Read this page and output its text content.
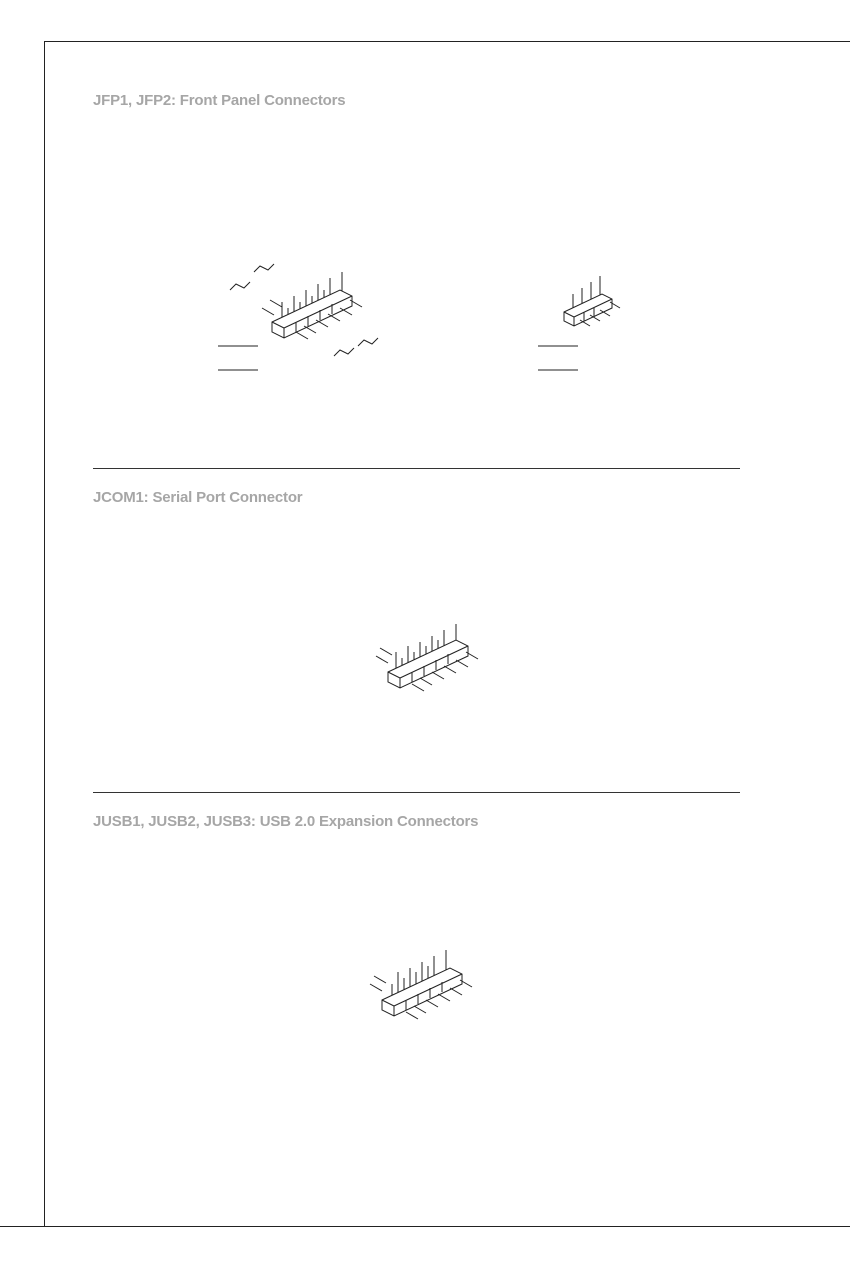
JFP1, JFP2: Front Panel Connectors
JCOM1: Serial Port Connector
JUSB1, JUSB2, JUSB3: USB 2.0 Expansion Connectors
